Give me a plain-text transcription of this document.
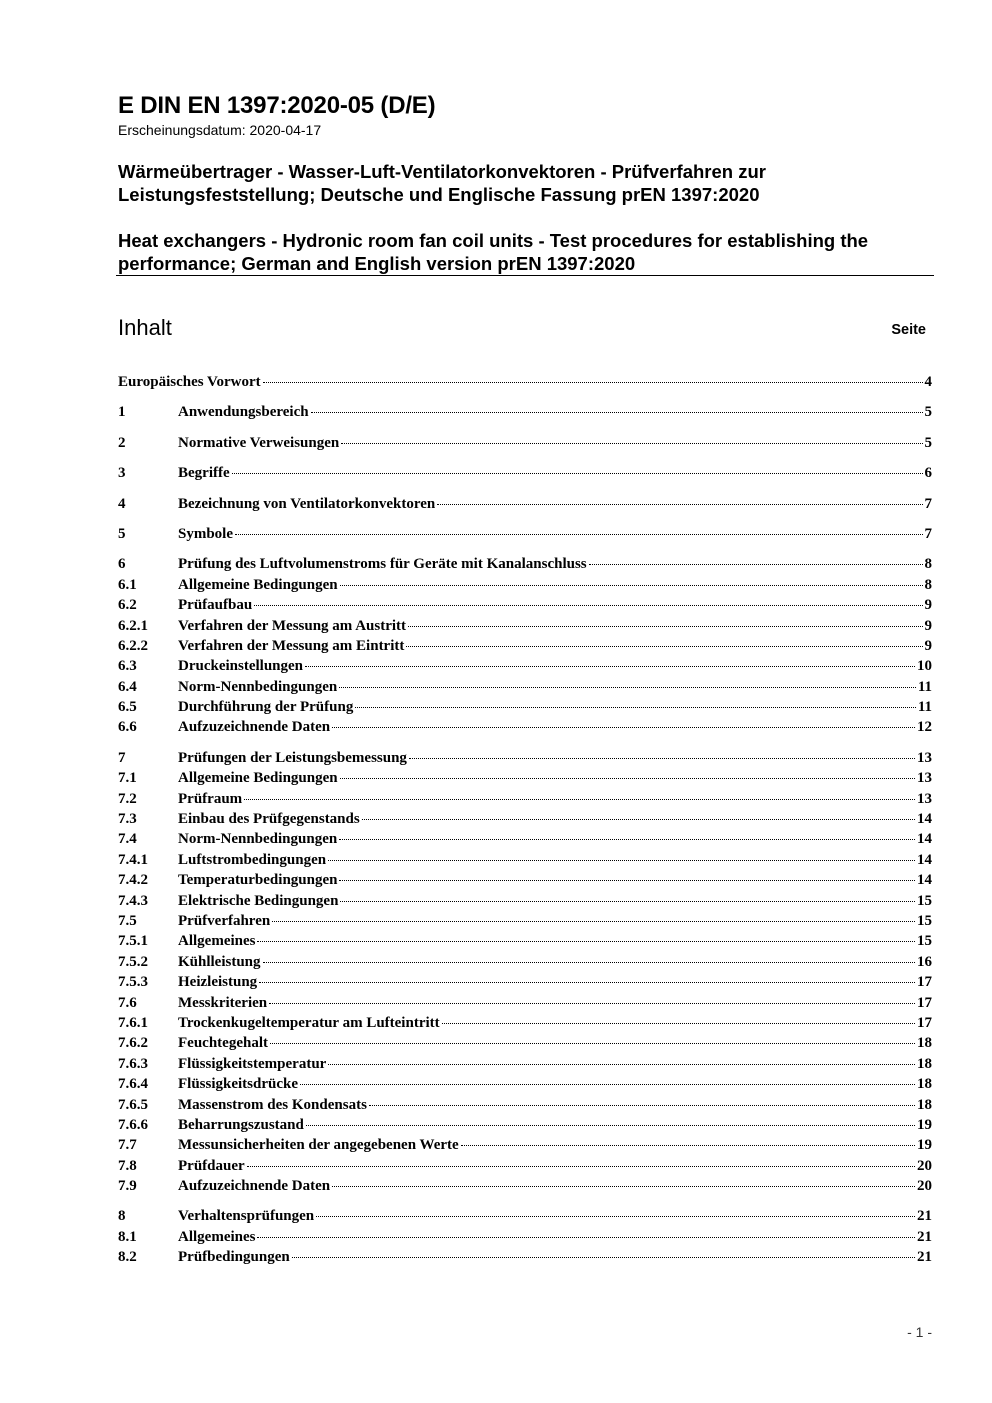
E DIN EN 1397:2020-05 (D/E)
Erscheinungsdatum: 2020-04-17
Wärmeübertrager - Wasser-Luft-Ventilatorkonvektoren - Prüfverfahren zur Leistungsfeststellung; Deutsche und Englische Fassung prEN 1397:2020
Heat exchangers - Hydronic room fan coil units - Test procedures for establishing the performance; German and English version prEN 1397:2020
Inhalt	Seite
Europäisches Vorwort	4
1	Anwendungsbereich	5
2	Normative Verweisungen	5
3	Begriffe	6
4	Bezeichnung von Ventilatorkonvektoren	7
5	Symbole	7
6	Prüfung des Luftvolumenstroms für Geräte mit Kanalanschluss	8
6.1	Allgemeine Bedingungen	8
6.2	Prüfaufbau	9
6.2.1	Verfahren der Messung am Austritt	9
6.2.2	Verfahren der Messung am Eintritt	9
6.3	Druckeinstellungen	10
6.4	Norm-Nennbedingungen	11
6.5	Durchführung der Prüfung	11
6.6	Aufzuzeichnende Daten	12
7	Prüfungen der Leistungsbemessung	13
7.1	Allgemeine Bedingungen	13
7.2	Prüfraum	13
7.3	Einbau des Prüfgegenstands	14
7.4	Norm-Nennbedingungen	14
7.4.1	Luftstrombedingungen	14
7.4.2	Temperaturbedingungen	14
7.4.3	Elektrische Bedingungen	15
7.5	Prüfverfahren	15
7.5.1	Allgemeines	15
7.5.2	Kühlleistung	16
7.5.3	Heizleistung	17
7.6	Messkriterien	17
7.6.1	Trockenkugeltemperatur am Lufteintritt	17
7.6.2	Feuchtegehalt	18
7.6.3	Flüssigkeitstemperatur	18
7.6.4	Flüssigkeitsdrücke	18
7.6.5	Massenstrom des Kondensats	18
7.6.6	Beharrungszustand	19
7.7	Messunsicherheiten der angegebenen Werte	19
7.8	Prüfdauer	20
7.9	Aufzuzeichnende Daten	20
8	Verhaltensprüfungen	21
8.1	Allgemeines	21
8.2	Prüfbedingungen	21
- 1 -
